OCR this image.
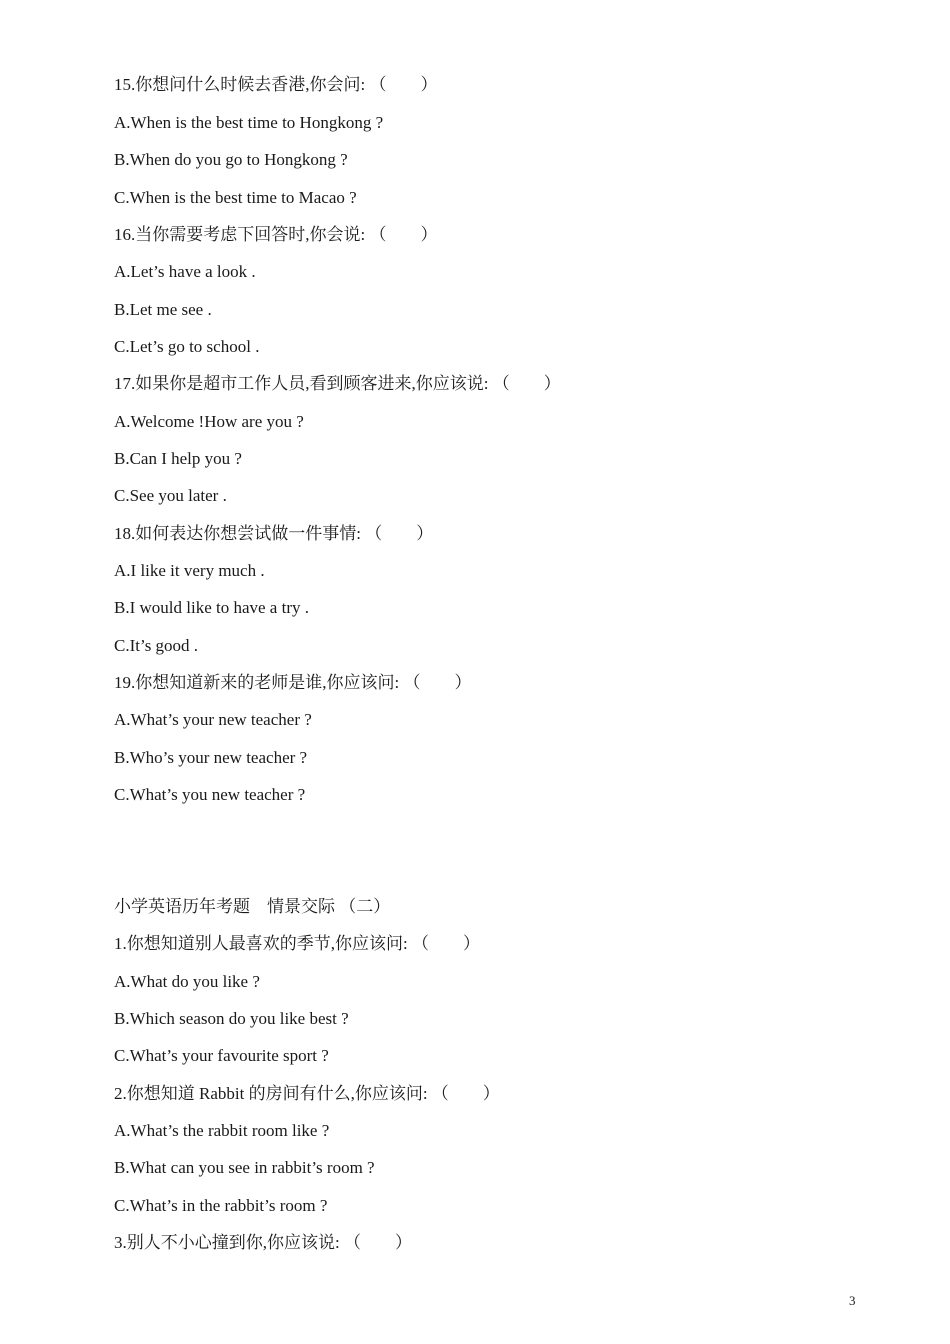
15.你想问什么时候去香港,你会问: （　　）
A.When is the best time to Hongkong ?
B.When do you go to Hongkong ?
C.When is the best time to Macao ?
16.当你需要考虑下回答时,你会说: （　　）
A.Let’s have a look .
B.Let me see .
C.Let’s go to school .
17.如果你是超市工作人员,看到顾客进来,你应该说: （　　）
A.Welcome !How are you ?
B.Can I help you ?
C.See you later .
18.如何表达你想尝试做一件事情: （　　）
A.I like it very much .
B.I would like to have a try .
C.It’s good .
19.你想知道新来的老师是谁,你应该问: （　　）
A.What’s your new teacher ?
B.Who’s your new teacher ?
C.What’s you new teacher ?
小学英语历年考题　情景交际 （二）
1.你想知道别人最喜欢的季节,你应该问: （　　）
A.What do you like ?
B.Which season do you like best ?
C.What’s your favourite sport ?
2.你想知道 Rabbit 的房间有什么,你应该问: （　　）
A.What’s the rabbit room like ?
B.What can you see in rabbit’s room ?
C.What’s in the rabbit’s room ?
3.别人不小心撞到你,你应该说: （　　）
3
